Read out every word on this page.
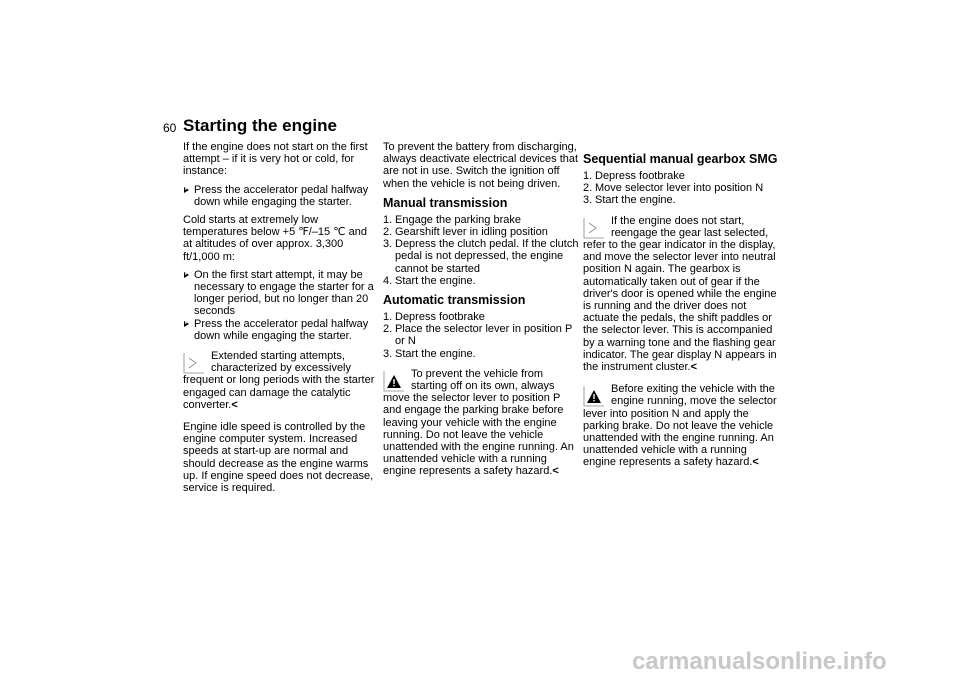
60 Starting the engine

If the engine does not start on the first attempt – if it is very hot or cold, for instance:

Press the accelerator pedal halfway down while engaging the starter.

Cold starts at extremely low temperatures below +5 ℉/–15 ℃ and at altitudes of over approx. 3,300 ft/1,000 m:

On the first start attempt, it may be necessary to engage the starter for a longer period, but no longer than 20 seconds
Press the accelerator pedal halfway down while engaging the starter.
Extended starting attempts, characterized by excessively frequent or long periods with the starter engaged can damage the catalytic converter.<

Engine idle speed is controlled by the engine computer system. Increased speeds at start-up are normal and should decrease as the engine warms up. If engine speed does not decrease, service is required.

To prevent the battery from discharging, always deactivate electrical devices that are not in use. Switch the ignition off when the vehicle is not being driven.

Manual transmission
1. Engage the parking brake
2. Gearshift lever in idling position
3. Depress the clutch pedal. If the clutch pedal is not depressed, the engine cannot be started
4. Start the engine.
Automatic transmission
1. Depress footbrake
2. Place the selector lever in position P or N
3. Start the engine.
To prevent the vehicle from starting off on its own, always move the selector lever to position P and engage the parking brake before leaving your vehicle with the engine running. Do not leave the vehicle unattended with the engine running. An unattended vehicle with a running engine represents a safety hazard.<
Sequential manual gearbox SMG
1. Depress footbrake
2. Move selector lever into position N
3. Start the engine.
If the engine does not start, reengage the gear last selected, refer to the gear indicator in the display, and move the selector lever into neutral position N again. The gearbox is automatically taken out of gear if the driver's door is opened while the engine is running and the driver does not actuate the pedals, the shift paddles or the selector lever. This is accompanied by a warning tone and the flashing gear indicator. The gear display N appears in the instrument cluster.<
Before exiting the vehicle with the engine running, move the selector lever into position N and apply the parking brake. Do not leave the vehicle unattended with the engine running. An unattended vehicle with a running engine represents a safety hazard.<
carmanualsonline.info
